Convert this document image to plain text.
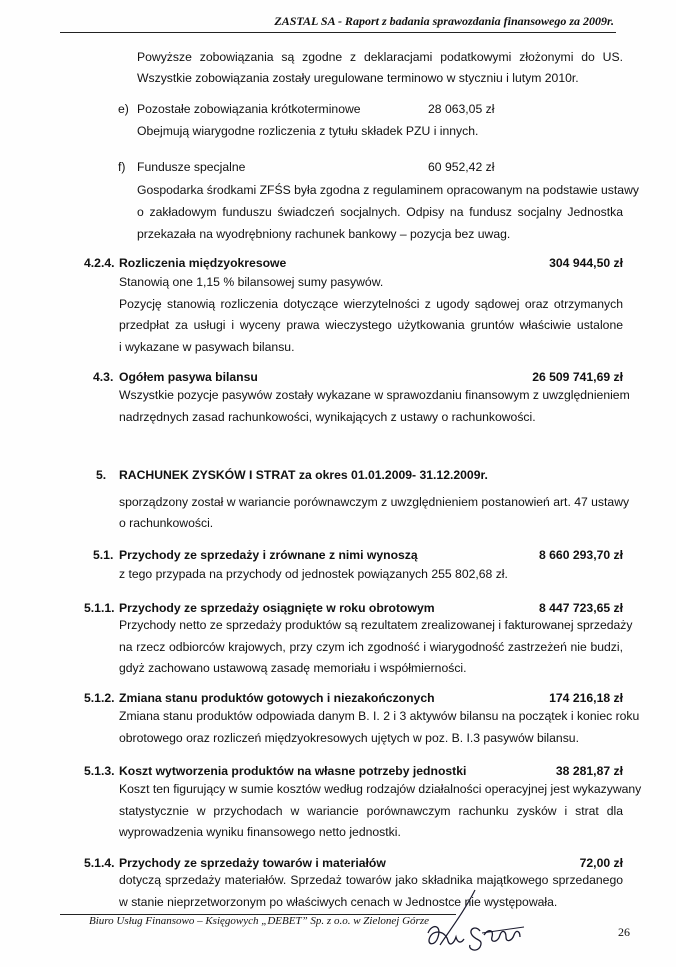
ZASTAL SA - Raport z badania sprawozdania finansowego za 2009r.
Powyższe zobowiązania są zgodne z deklaracjami podatkowymi złożonymi do US.
Wszystkie zobowiązania zostały uregulowane terminowo w styczniu i lutym 2010r.
e) Pozostałe zobowiązania krótkoterminowe	28 063,05 zł
Obejmują wiarygodne rozliczenia z tytułu składek PZU i innych.
f) Fundusze specjalne	60 952,42 zł
Gospodarka środkami ZFŚS była zgodna z regulaminem opracowanym na podstawie ustawy
o zakładowym funduszu świadczeń socjalnych. Odpisy na fundusz socjalny Jednostka
przekazała na wyodrębniony rachunek bankowy – pozycja bez uwag.
4.2.4. Rozliczenia międzyokresowe	304 944,50 zł
Stanowią one 1,15 % bilansowej sumy pasywów.
Pozycję stanowią rozliczenia dotyczące wierzytelności z ugody sądowej oraz otrzymanych
przedpłat za usługi i wyceny prawa wieczystego użytkowania gruntów właściwie ustalone
i wykazane w pasywach bilansu.
4.3. Ogółem pasywa bilansu	26 509 741,69 zł
Wszystkie pozycje pasywów zostały wykazane w sprawozdaniu finansowym z uwzględnieniem
nadrzędnych zasad rachunkowości, wynikających z ustawy o rachunkowości.
5. RACHUNEK ZYSKÓW I STRAT za okres 01.01.2009- 31.12.2009r.
sporządzony został w wariancie porównawczym z uwzględnieniem postanowień art. 47 ustawy
o rachunkowości.
5.1. Przychody ze sprzedaży i zrównane z nimi wynoszą	8 660 293,70 zł
z tego przypada na przychody od jednostek powiązanych 255 802,68 zł.
5.1.1. Przychody ze sprzedaży osiągnięte w roku obrotowym	8 447 723,65 zł
Przychody netto ze sprzedaży produktów są rezultatem zrealizowanej i fakturowanej sprzedaży
na rzecz odbiorców krajowych, przy czym ich zgodność i wiarygodność zastrzeżeń nie budzi,
gdyż zachowano ustawową zasadę memoriału i współmierności.
5.1.2. Zmiana stanu produktów gotowych i niezakończonych	174 216,18 zł
Zmiana stanu produktów odpowiada danym B. I. 2 i 3 aktywów bilansu na początek i koniec roku
obrotowego oraz rozliczeń międzyokresowych ujętych w poz. B. I.3 pasywów bilansu.
5.1.3. Koszt wytworzenia produktów na własne potrzeby jednostki	38 281,87 zł
Koszt ten figurujący w sumie kosztów według rodzajów działalności operacyjnej jest wykazywany
statystycznie w przychodach w wariancie porównawczym rachunku zysków i strat dla
wyprowadzenia wyniku finansowego netto jednostki.
5.1.4. Przychody ze sprzedaży towarów i materiałów	72,00 zł
dotyczą sprzedaży materiałów. Sprzedaż towarów jako składnika majątkowego sprzedanego
w stanie nieprzetworzonym po właściwych cenach w Jednostce nie występowała.
Biuro Usług Finansowo – Księgowych „DEBET” Sp. z o.o. w Zielonej Górze
26
